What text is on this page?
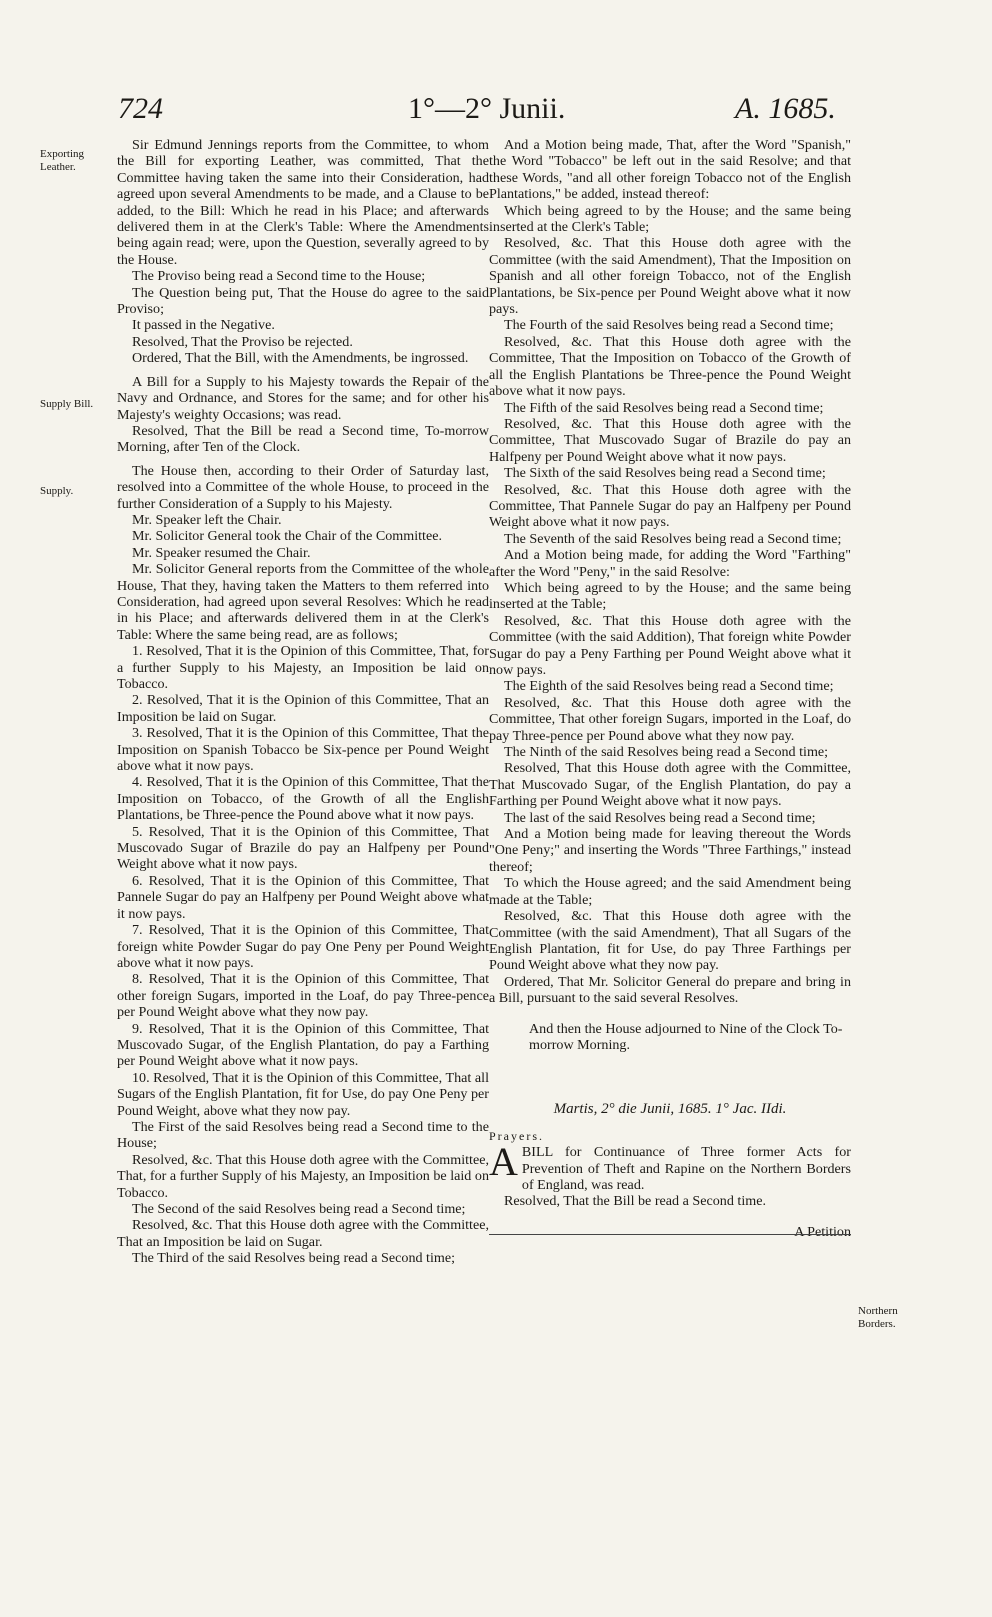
724	1°—2° Junii.	A. 1685.
Exporting Leather.
Supply Bill.
Supply.
Northern Borders.

Sir Edmund Jennings reports from the Committee, to whom the Bill for exporting Leather, was committed, That the Committee having taken the same into their Consideration, had agreed upon several Amendments to be made, and a Clause to be added, to the Bill: Which he read in his Place; and afterwards delivered them in at the Clerk's Table: Where the Amendments being again read; were, upon the Question, severally agreed to by the House.

The Proviso being read a Second time to the House;

The Question being put, That the House do agree to the said Proviso;

It passed in the Negative.

Resolved, That the Proviso be rejected.

Ordered, That the Bill, with the Amendments, be ingrossed.

A Bill for a Supply to his Majesty towards the Repair of the Navy and Ordnance, and Stores for the same; and for other his Majesty's weighty Occasions; was read.

Resolved, That the Bill be read a Second time, To-morrow Morning, after Ten of the Clock.

The House then, according to their Order of Saturday last, resolved into a Committee of the whole House, to proceed in the further Consideration of a Supply to his Majesty.

Mr. Speaker left the Chair.

Mr. Solicitor General took the Chair of the Committee.

Mr. Speaker resumed the Chair.

Mr. Solicitor General reports from the Committee of the whole House, That they, having taken the Matters to them referred into Consideration, had agreed upon several Resolves: Which he read in his Place; and afterwards delivered them in at the Clerk's Table: Where the same being read, are as follows;

1. Resolved, That it is the Opinion of this Committee, That, for a further Supply to his Majesty, an Imposition be laid on Tobacco.

2. Resolved, That it is the Opinion of this Committee, That an Imposition be laid on Sugar.

3. Resolved, That it is the Opinion of this Committee, That the Imposition on Spanish Tobacco be Six-pence per Pound Weight above what it now pays.

4. Resolved, That it is the Opinion of this Committee, That the Imposition on Tobacco, of the Growth of all the English Plantations, be Three-pence the Pound above what it now pays.

5. Resolved, That it is the Opinion of this Committee, That Muscovado Sugar of Brazile do pay an Halfpeny per Pound Weight above what it now pays.

6. Resolved, That it is the Opinion of this Committee, That Pannele Sugar do pay an Halfpeny per Pound Weight above what it now pays.

7. Resolved, That it is the Opinion of this Committee, That foreign white Powder Sugar do pay One Peny per Pound Weight above what it now pays.

8. Resolved, That it is the Opinion of this Committee, That other foreign Sugars, imported in the Loaf, do pay Three-pence per Pound Weight above what they now pay.

9. Resolved, That it is the Opinion of this Committee, That Muscovado Sugar, of the English Plantation, do pay a Farthing per Pound Weight above what it now pays.

10. Resolved, That it is the Opinion of this Committee, That all Sugars of the English Plantation, fit for Use, do pay One Peny per Pound Weight, above what they now pay.

The First of the said Resolves being read a Second time to the House;

Resolved, &c. That this House doth agree with the Committee, That, for a further Supply of his Majesty, an Imposition be laid on Tobacco.

The Second of the said Resolves being read a Second time;

Resolved, &c. That this House doth agree with the Committee, That an Imposition be laid on Sugar.

The Third of the said Resolves being read a Second time;

And a Motion being made, That, after the Word "Spanish," the Word "Tobacco" be left out in the said Resolve; and that these Words, "and all other foreign Tobacco not of the English Plantations," be added, instead thereof:

Which being agreed to by the House; and the same being inserted at the Clerk's Table;

Resolved, &c. That this House doth agree with the Committee (with the said Amendment), That the Imposition on Spanish and all other foreign Tobacco, not of the English Plantations, be Six-pence per Pound Weight above what it now pays.

The Fourth of the said Resolves being read a Second time;

Resolved, &c. That this House doth agree with the Committee, That the Imposition on Tobacco of the Growth of all the English Plantations be Three-pence the Pound Weight above what it now pays.

The Fifth of the said Resolves being read a Second time;

Resolved, &c. That this House doth agree with the Committee, That Muscovado Sugar of Brazile do pay an Halfpeny per Pound Weight above what it now pays.

The Sixth of the said Resolves being read a Second time;

Resolved, &c. That this House doth agree with the Committee, That Pannele Sugar do pay an Halfpeny per Pound Weight above what it now pays.

The Seventh of the said Resolves being read a Second time;

And a Motion being made, for adding the Word "Farthing" after the Word "Peny," in the said Resolve:

Which being agreed to by the House; and the same being inserted at the Table;

Resolved, &c. That this House doth agree with the Committee (with the said Addition), That foreign white Powder Sugar do pay a Peny Farthing per Pound Weight above what it now pays.

The Eighth of the said Resolves being read a Second time;

Resolved, &c. That this House doth agree with the Committee, That other foreign Sugars, imported in the Loaf, do pay Three-pence per Pound above what they now pay.

The Ninth of the said Resolves being read a Second time;

Resolved, That this House doth agree with the Committee, That Muscovado Sugar, of the English Plantation, do pay a Farthing per Pound Weight above what it now pays.

The last of the said Resolves being read a Second time;

And a Motion being made for leaving thereout the Words "One Peny;" and inserting the Words "Three Farthings," instead thereof;

To which the House agreed; and the said Amendment being made at the Table;

Resolved, &c. That this House doth agree with the Committee (with the said Amendment), That all Sugars of the English Plantation, fit for Use, do pay Three Farthings per Pound Weight above what they now pay.

Ordered, That Mr. Solicitor General do prepare and bring in a Bill, pursuant to the said several Resolves.

And then the House adjourned to Nine of the Clock To-morrow Morning.

Martis, 2° die Junii, 1685. 1° Jac. IIdi.

Prayers.

ABILL for Continuance of Three former Acts for Prevention of Theft and Rapine on the Northern Borders of England, was read.

Resolved, That the Bill be read a Second time.

A Petition
